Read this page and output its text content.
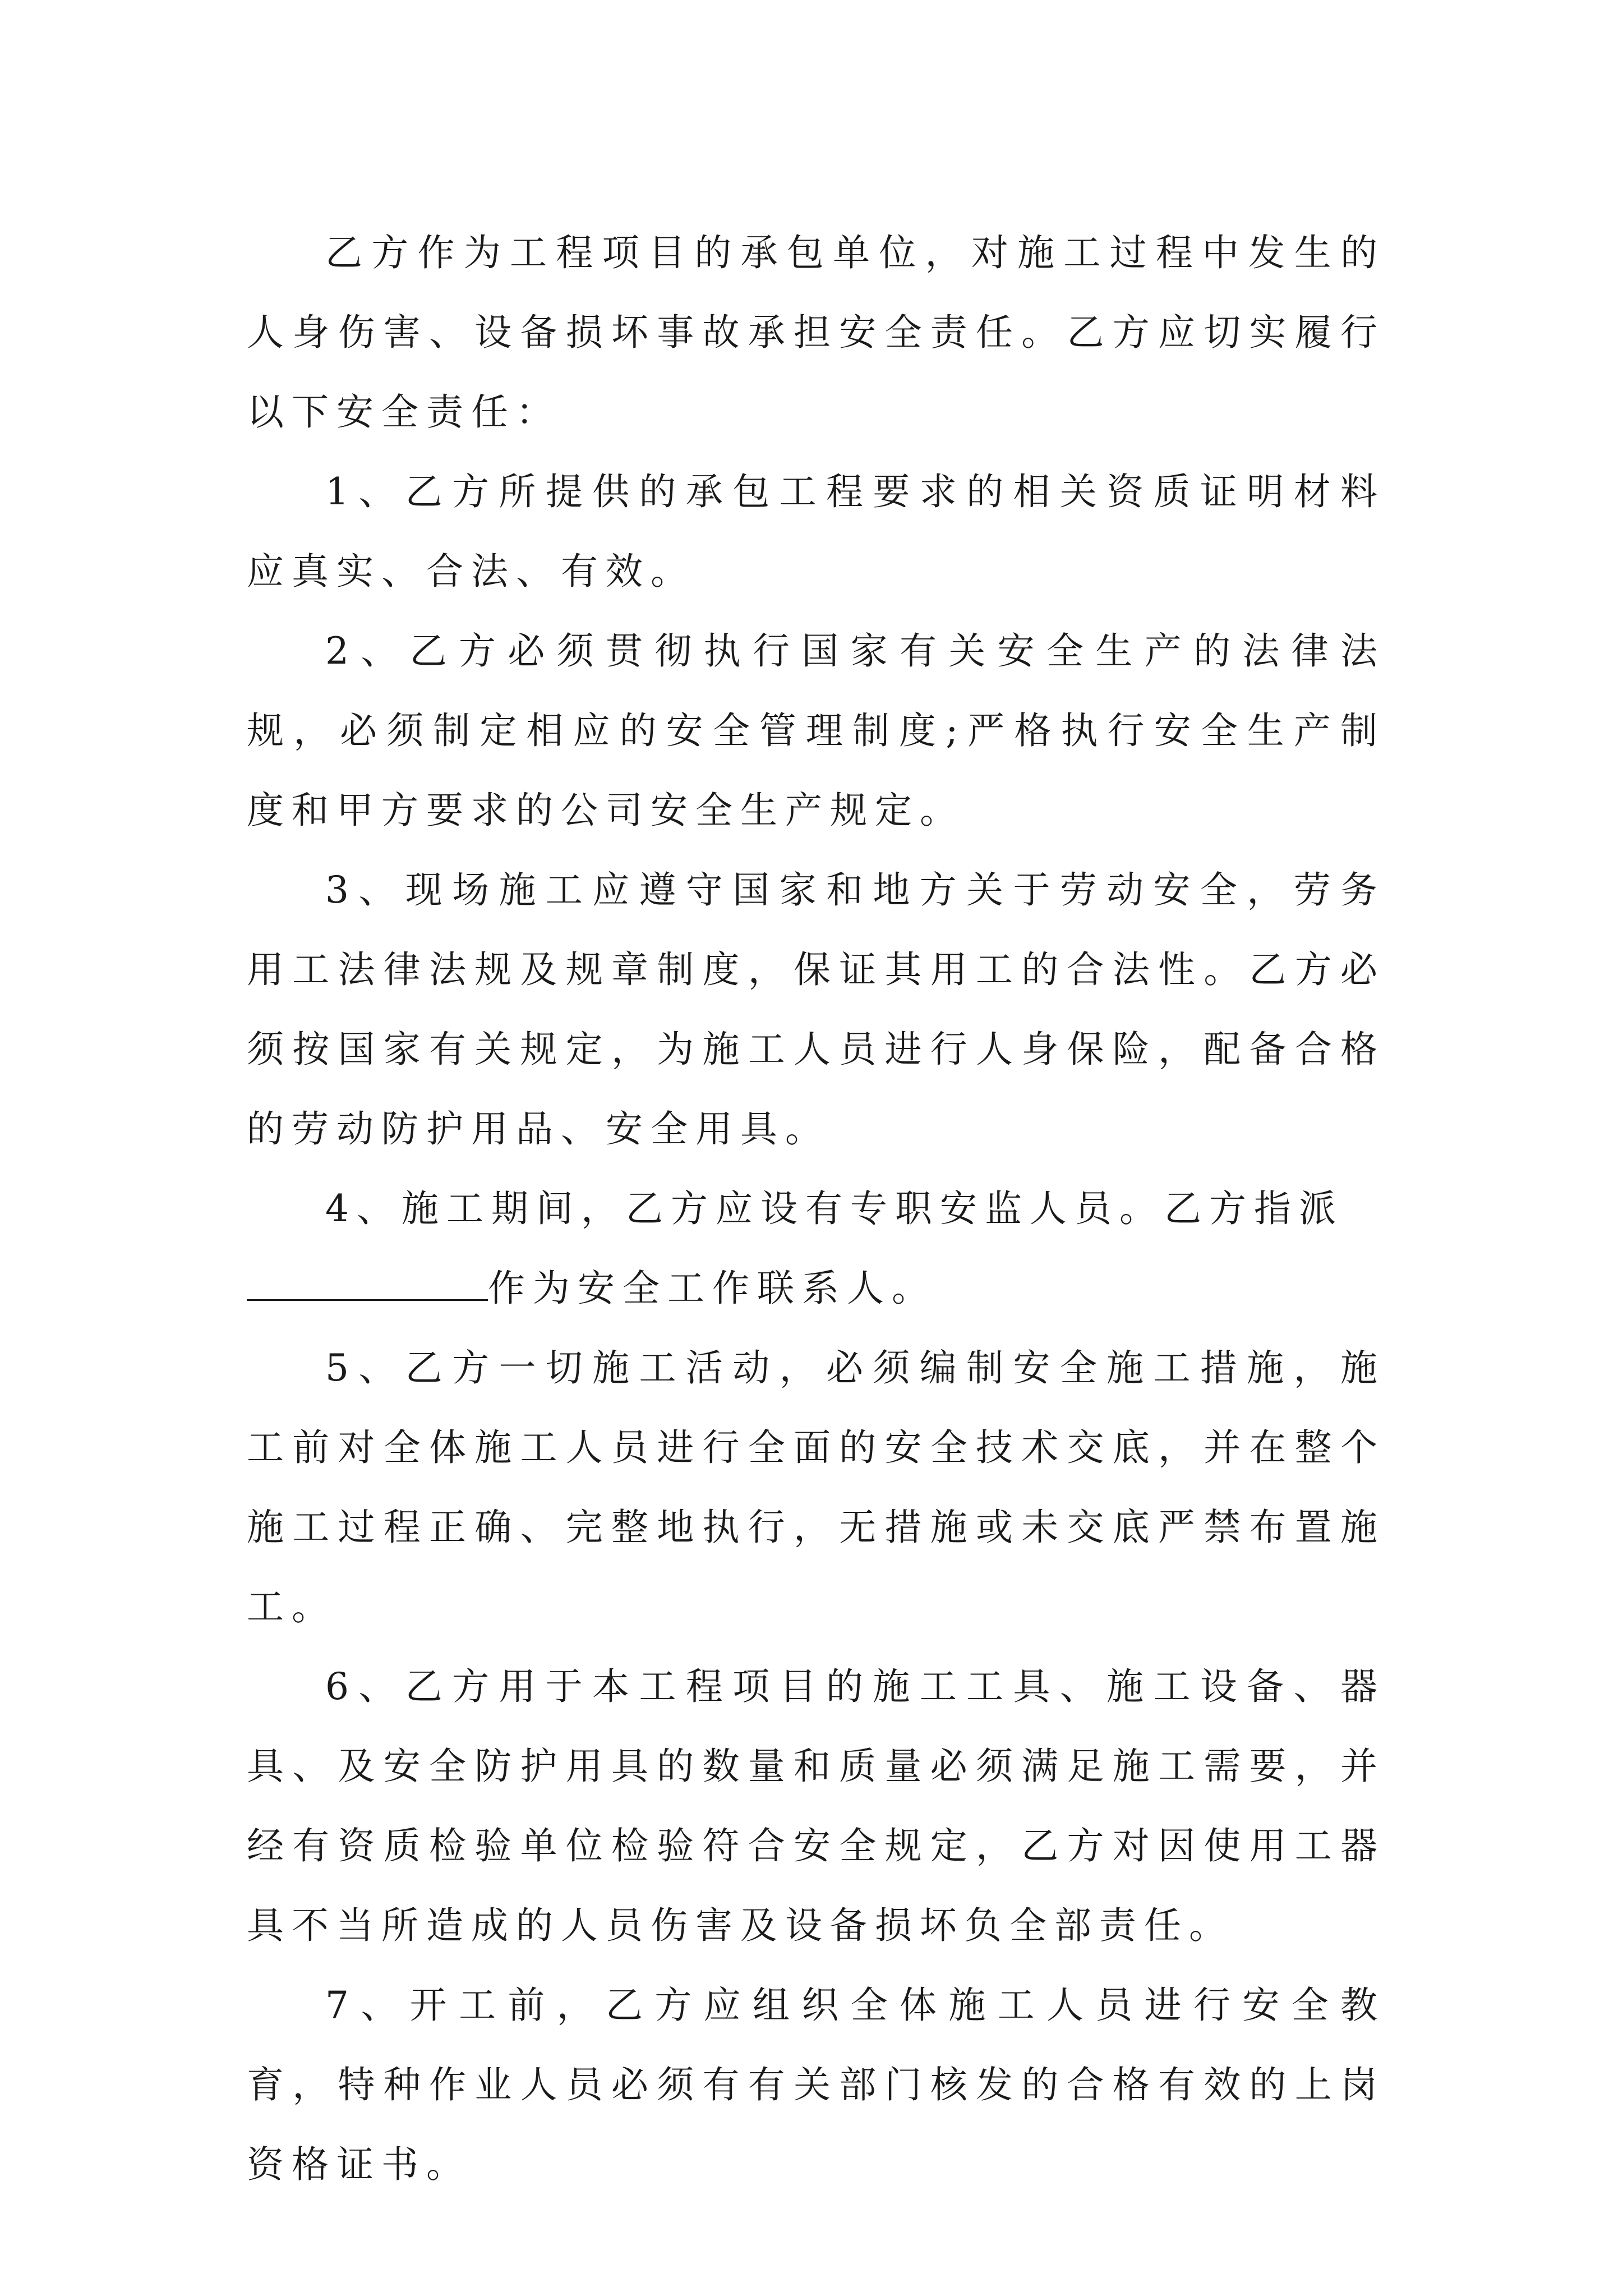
乙方作为工程项目的承包单位，对施工过程中发生的人身伤害、设备损坏事故承担安全责任。乙方应切实履行以下安全责任：

1、乙方所提供的承包工程要求的相关资质证明材料应真实、合法、有效。

2、乙方必须贯彻执行国家有关安全生产的法律法规，必须制定相应的安全管理制度;严格执行安全生产制度和甲方要求的公司安全生产规定。

3、现场施工应遵守国家和地方关于劳动安全，劳务用工法律法规及规章制度，保证其用工的合法性。乙方必须按国家有关规定，为施工人员进行人身保险，配备合格的劳动防护用品、安全用具。

4、施工期间，乙方应设有专职安监人员。乙方指派
作为安全工作联系人。

5、乙方一切施工活动，必须编制安全施工措施，施工前对全体施工人员进行全面的安全技术交底，并在整个施工过程正确、完整地执行，无措施或未交底严禁布置施工。

6、乙方用于本工程项目的施工工具、施工设备、器具、及安全防护用具的数量和质量必须满足施工需要，并经有资质检验单位检验符合安全规定，乙方对因使用工器具不当所造成的人员伤害及设备损坏负全部责任。

7、开工前，乙方应组织全体施工人员进行安全教育，特种作业人员必须有有关部门核发的合格有效的上岗资格证书。
